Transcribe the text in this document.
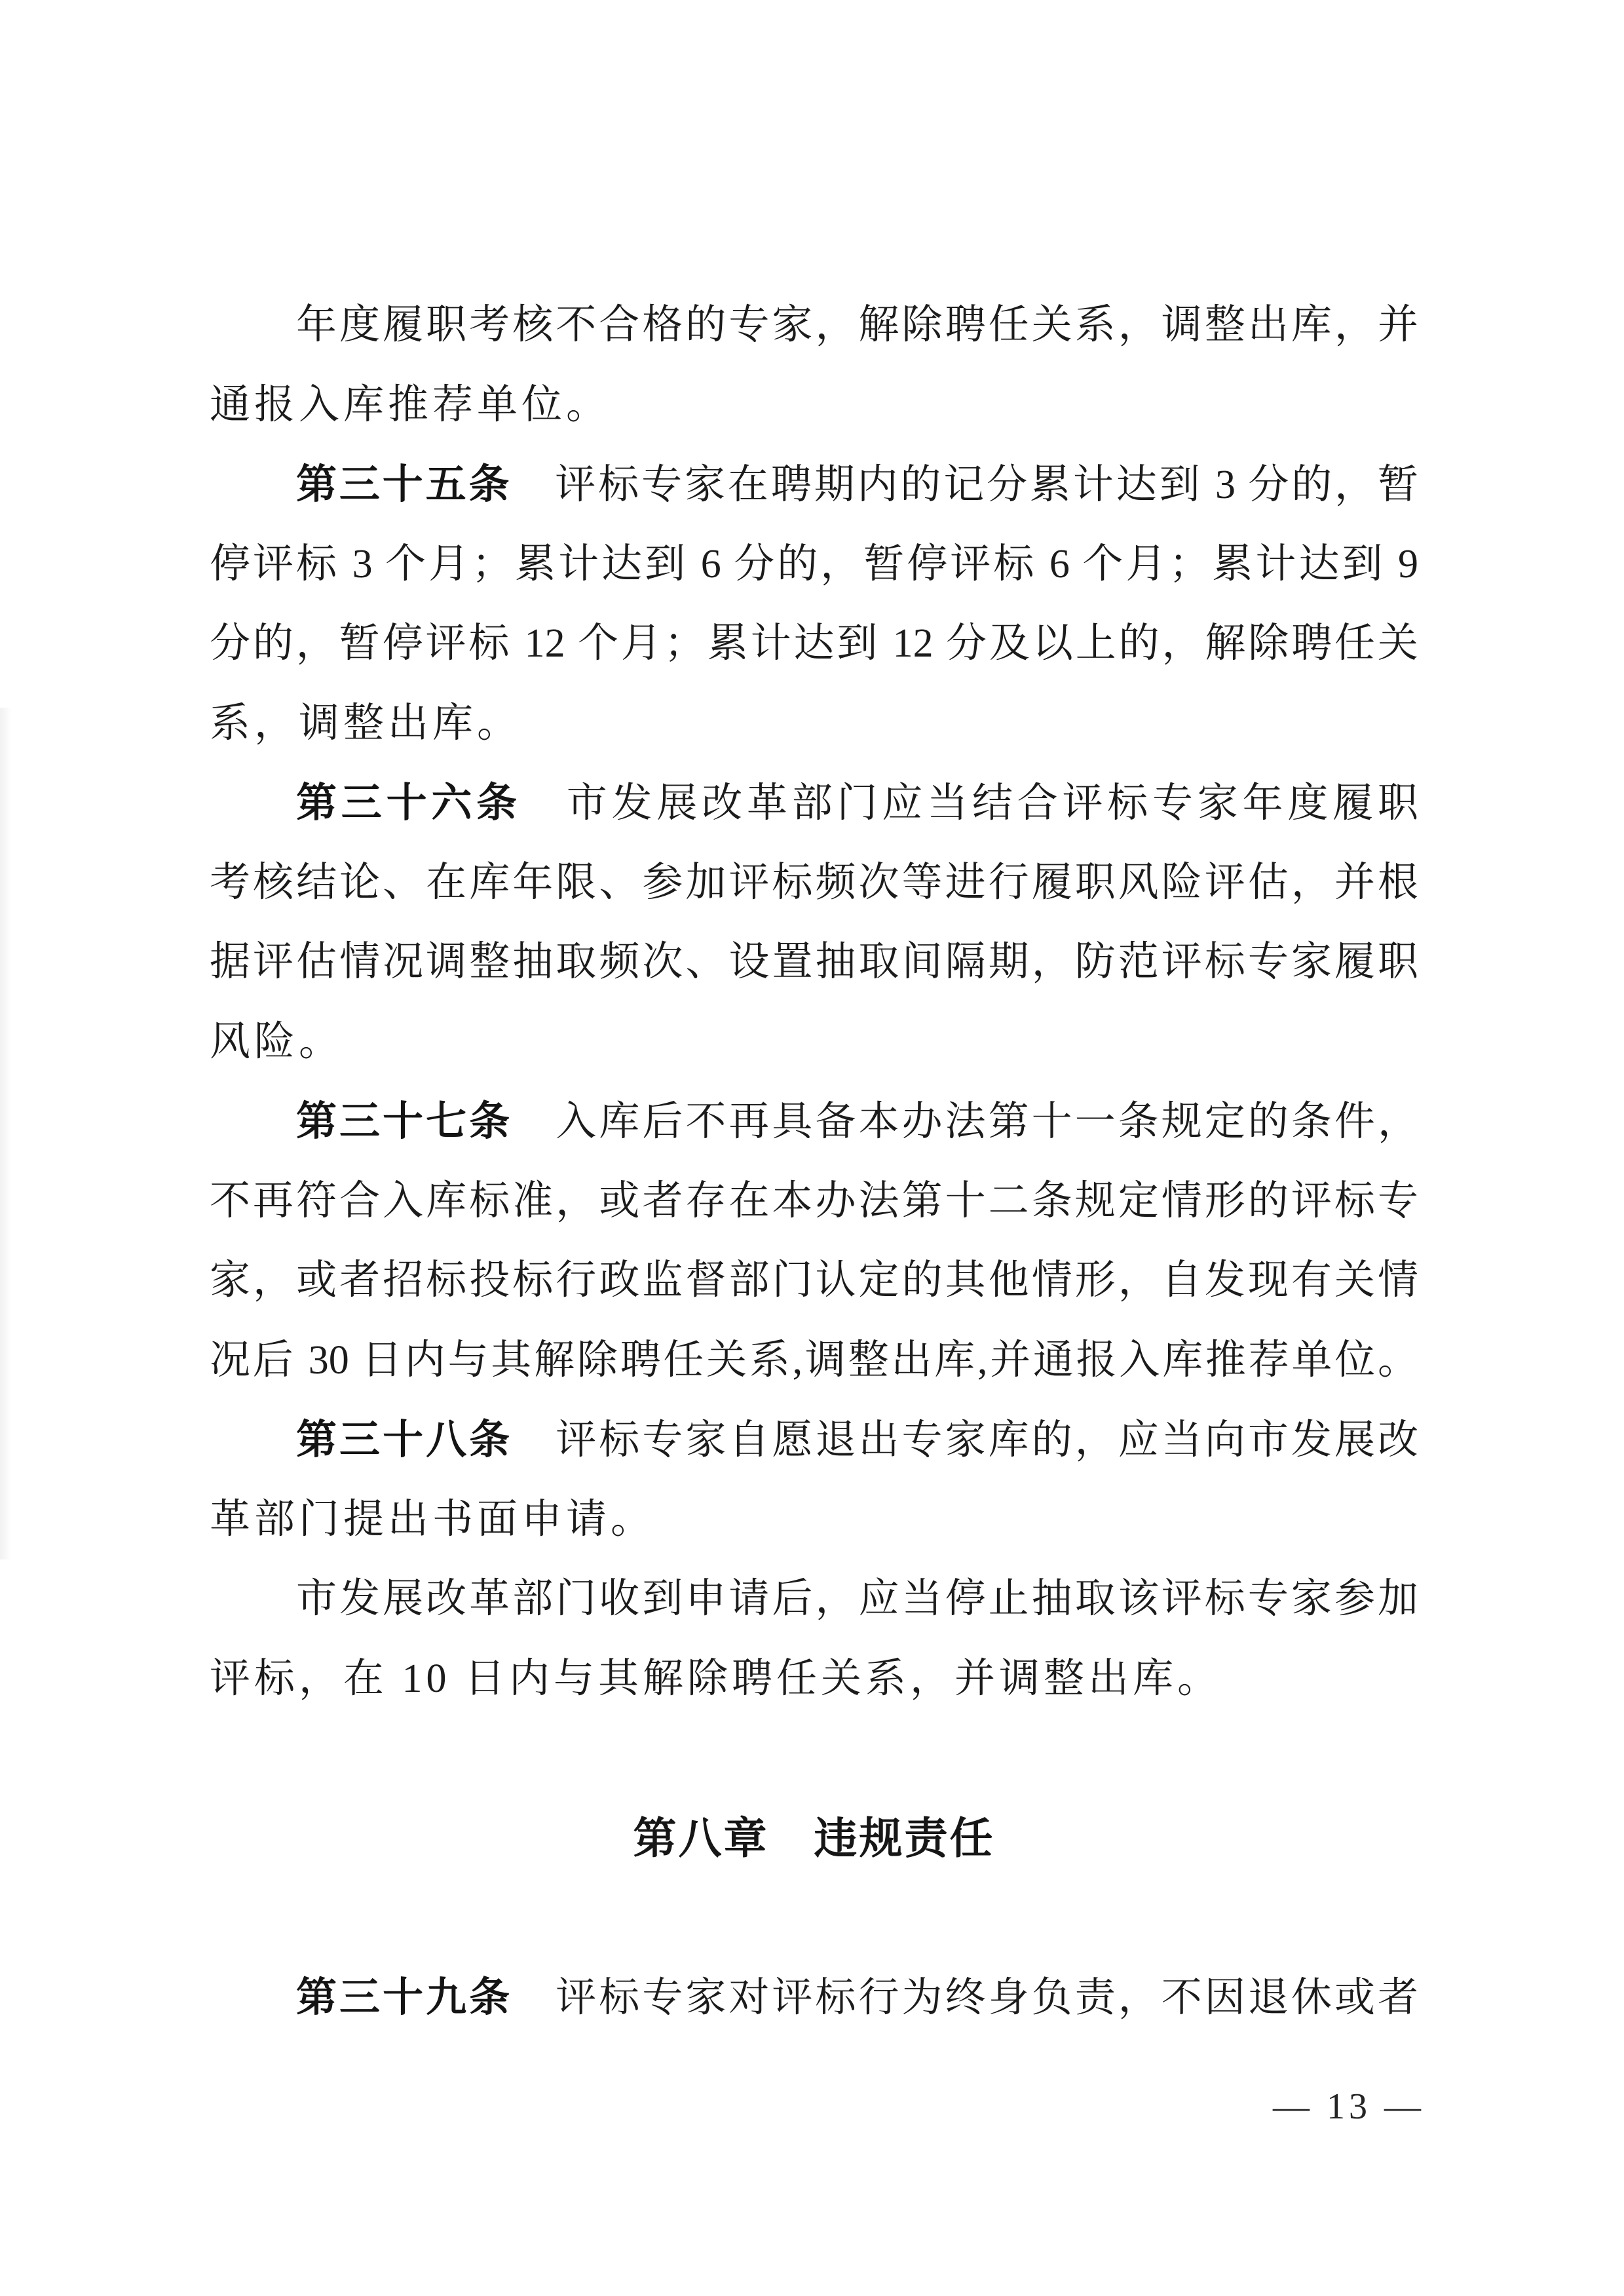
年度履职考核不合格的专家，解除聘任关系，调整出库，并
通报入库推荐单位。
第三十五条　评标专家在聘期内的记分累计达到 3 分的，暂
停评标 3 个月；累计达到 6 分的，暂停评标 6 个月；累计达到 9
分的，暂停评标 12 个月；累计达到 12 分及以上的，解除聘任关
系，调整出库。
第三十六条　市发展改革部门应当结合评标专家年度履职
考核结论、在库年限、参加评标频次等进行履职风险评估，并根
据评估情况调整抽取频次、设置抽取间隔期，防范评标专家履职
风险。
第三十七条　入库后不再具备本办法第十一条规定的条件，
不再符合入库标准，或者存在本办法第十二条规定情形的评标专
家，或者招标投标行政监督部门认定的其他情形，自发现有关情
况后 30 日内与其解除聘任关系,调整出库,并通报入库推荐单位。
第三十八条　评标专家自愿退出专家库的，应当向市发展改
革部门提出书面申请。
市发展改革部门收到申请后，应当停止抽取该评标专家参加
评标，在 10 日内与其解除聘任关系，并调整出库。
第八章　违规责任
第三十九条　评标专家对评标行为终身负责，不因退休或者
— 13 —
